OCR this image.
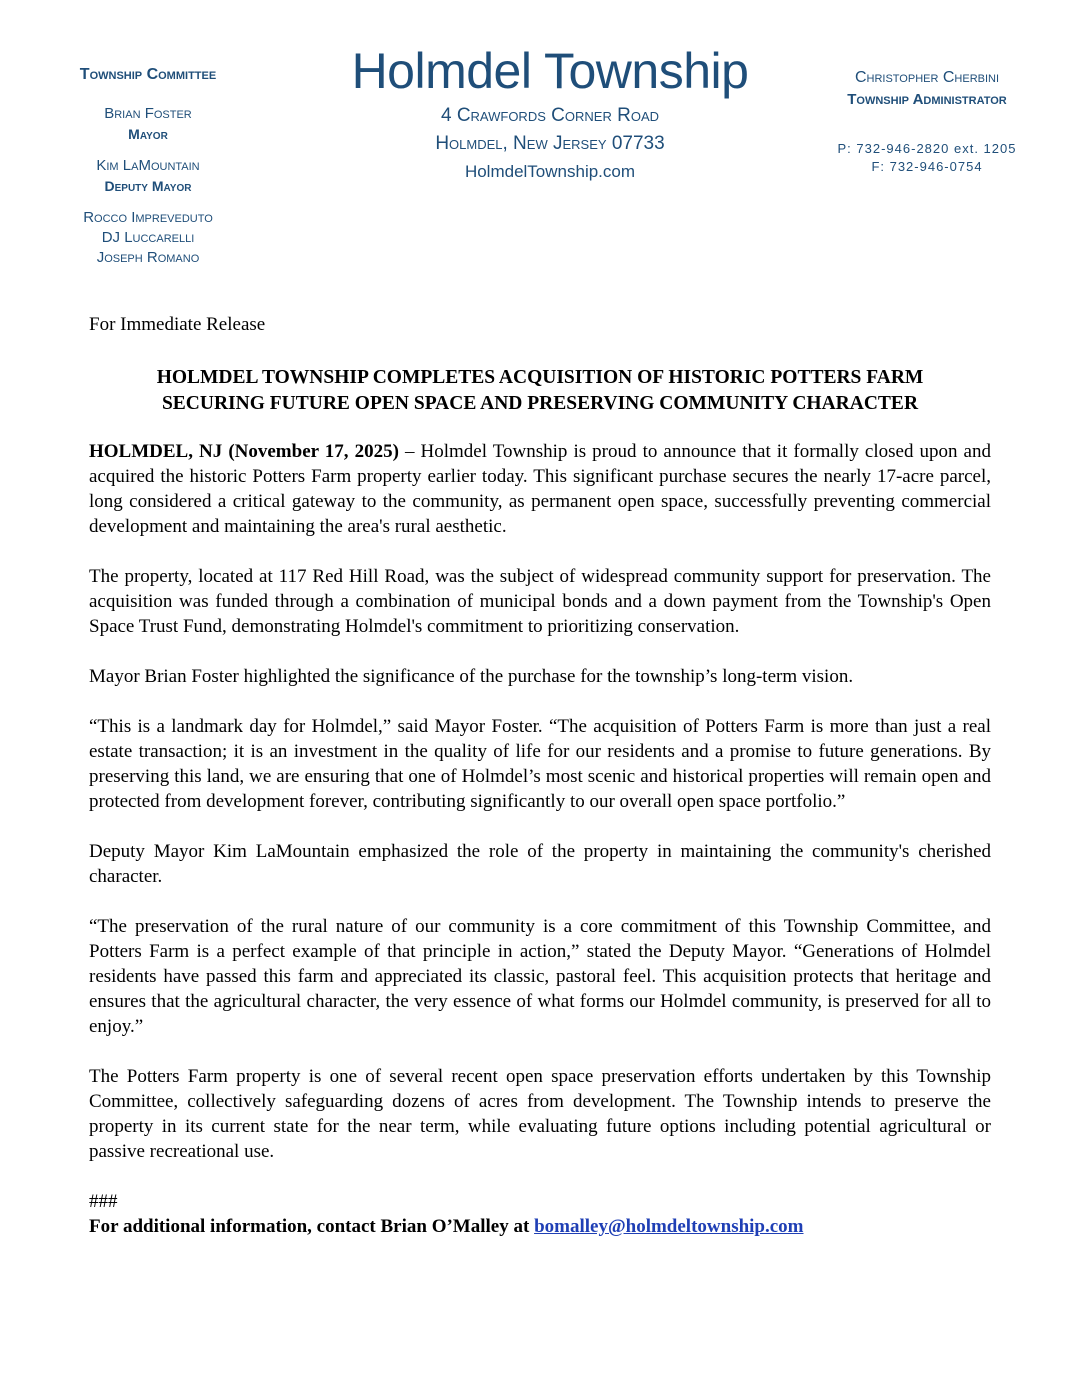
Township Committee
Brian Foster
Mayor
Kim LaMountain
Deputy Mayor
Rocco Impreveduto
DJ Luccarelli
Joseph Romano
Holmdel Township
4 Crawfords Corner Road
Holmdel, New Jersey 07733
HolmdelTownship.com
Christopher Cherbini
Township Administrator
P: 732-946-2820 ext. 1205
F: 732-946-0754

For Immediate Release

HOLMDEL TOWNSHIP COMPLETES ACQUISITION OF HISTORIC POTTERS FARM
SECURING FUTURE OPEN SPACE AND PRESERVING COMMUNITY CHARACTER

HOLMDEL, NJ (November 17, 2025) – Holmdel Township is proud to announce that it formally closed upon and acquired the historic Potters Farm property earlier today. This significant purchase secures the nearly 17-acre parcel, long considered a critical gateway to the community, as permanent open space, successfully preventing commercial development and maintaining the area's rural aesthetic.

The property, located at 117 Red Hill Road, was the subject of widespread community support for preservation. The acquisition was funded through a combination of municipal bonds and a down payment from the Township's Open Space Trust Fund, demonstrating Holmdel's commitment to prioritizing conservation.

Mayor Brian Foster highlighted the significance of the purchase for the township’s long-term vision.

“This is a landmark day for Holmdel,” said Mayor Foster. “The acquisition of Potters Farm is more than just a real estate transaction; it is an investment in the quality of life for our residents and a promise to future generations. By preserving this land, we are ensuring that one of Holmdel’s most scenic and historical properties will remain open and protected from development forever, contributing significantly to our overall open space portfolio.”

Deputy Mayor Kim LaMountain emphasized the role of the property in maintaining the community's cherished character.

“The preservation of the rural nature of our community is a core commitment of this Township Committee, and Potters Farm is a perfect example of that principle in action,” stated the Deputy Mayor. “Generations of Holmdel residents have passed this farm and appreciated its classic, pastoral feel. This acquisition protects that heritage and ensures that the agricultural character, the very essence of what forms our Holmdel community, is preserved for all to enjoy.”

The Potters Farm property is one of several recent open space preservation efforts undertaken by this Township Committee, collectively safeguarding dozens of acres from development. The Township intends to preserve the property in its current state for the near term, while evaluating future options including potential agricultural or passive recreational use.

###

For additional information, contact Brian O’Malley at bomalley@holmdeltownship.com
